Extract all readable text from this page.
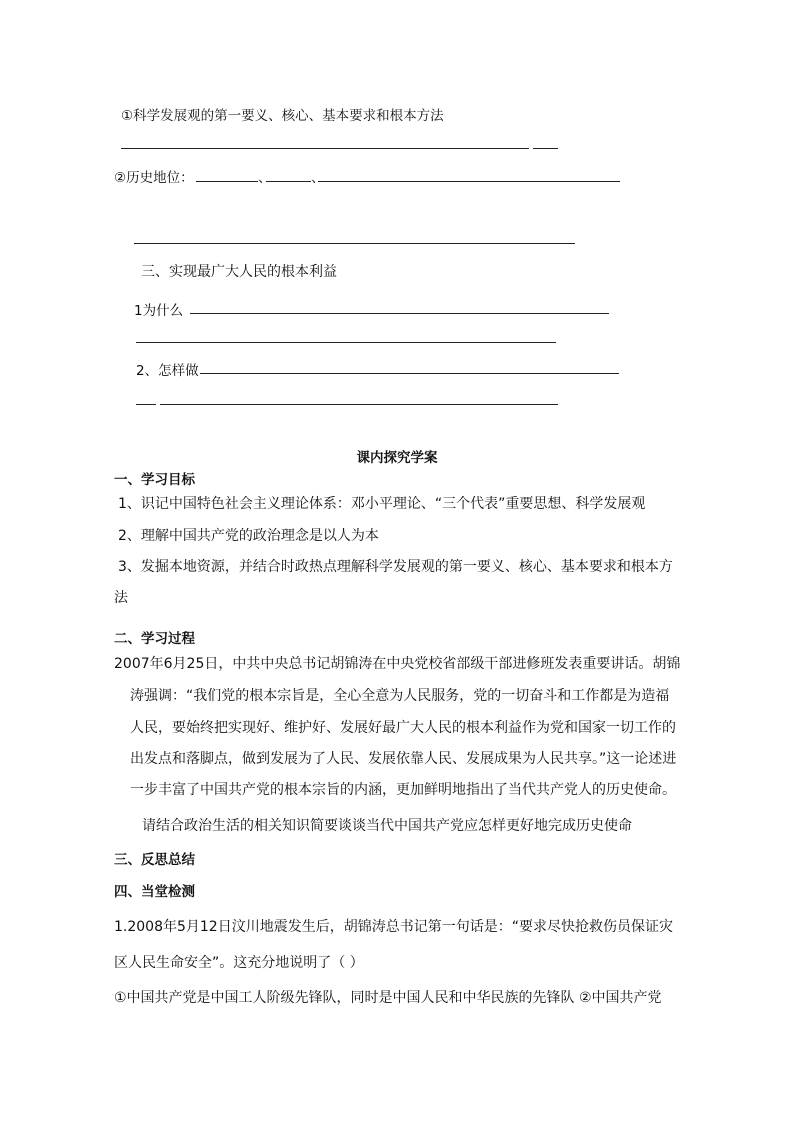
①科学发展观的第一要义、核心、基本要求和根本方法
②历史地位：	、	、
三、实现最广大人民的根本利益
1为什么
2、怎样做
课内探究学案
一、学习目标
1、识记中国特色社会主义理论体系：邓小平理论、“三个代表”重要思想、科学发展观
2、理解中国共产党的政治理念是以人为本
3、发掘本地资源，并结合时政热点理解科学发展观的第一要义、核心、基本要求和根本方
法
二、学习过程
2007年6月25日，中共中央总书记胡锦涛在中央党校省部级干部进修班发表重要讲话。胡锦
涛强调：“我们党的根本宗旨是，全心全意为人民服务，党的一切奋斗和工作都是为造福
人民，要始终把实现好、维护好、发展好最广大人民的根本利益作为党和国家一切工作的
出发点和落脚点，做到发展为了人民、发展依靠人民、发展成果为人民共享。”这一论述进
一步丰富了中国共产党的根本宗旨的内涵，更加鲜明地指出了当代共产党人的历史使命。
请结合政治生活的相关知识简要谈谈当代中国共产党应怎样更好地完成历史使命
三、反思总结
四、当堂检测
1.2008年5月12日汶川地震发生后，胡锦涛总书记第一句话是：“要求尽快抢救伤员保证灾
区人民生命安全”。这充分地说明了（ ）
①中国共产党是中国工人阶级先锋队，同时是中国人民和中华民族的先锋队 ②中国共产党
